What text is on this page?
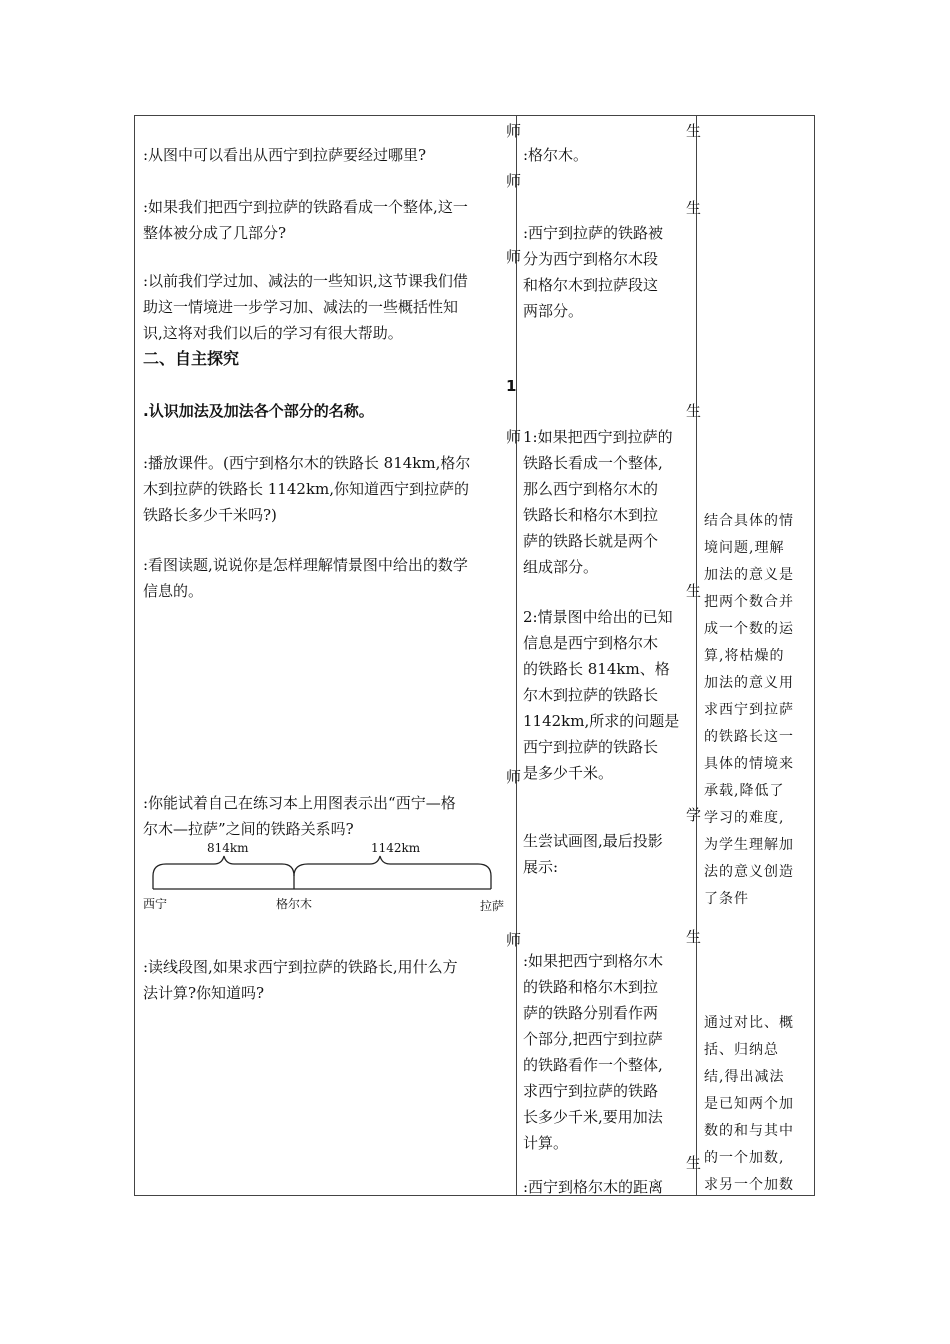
师	生
师
生
师
1
生
师
生
师
学
师	生
生
:从图中可以看出从西宁到拉萨要经过哪里?
:如果我们把西宁到拉萨的铁路看成一个整体,这一
整体被分成了几部分?
:以前我们学过加、减法的一些知识,这节课我们借
助这一情境进一步学习加、减法的一些概括性知
识,这将对我们以后的学习有很大帮助。
二、自主探究
.认识加法及加法各个部分的名称。
:播放课件。(西宁到格尔木的铁路长 814km,格尔
木到拉萨的铁路长 1142km,你知道西宁到拉萨的
铁路长多少千米吗?)
:看图读题,说说你是怎样理解情景图中给出的数学
信息的。
:你能试着自己在练习本上用图表示出“西宁—格
尔木—拉萨”之间的铁路关系吗?
814km	1142km
西宁	格尔木	拉萨
:读线段图,如果求西宁到拉萨的铁路长,用什么方
法计算?你知道吗?
:格尔木。
:西宁到拉萨的铁路被
分为西宁到格尔木段
和格尔木到拉萨段这
两部分。
1:如果把西宁到拉萨的
铁路长看成一个整体,
那么西宁到格尔木的
铁路长和格尔木到拉
萨的铁路长就是两个
组成部分。
2:情景图中给出的已知
信息是西宁到格尔木
的铁路长 814km、格
尔木到拉萨的铁路长
1142km,所求的问题是
西宁到拉萨的铁路长
是多少千米。
生尝试画图,最后投影
展示:
:如果把西宁到格尔木
的铁路和格尔木到拉
萨的铁路分别看作两
个部分,把西宁到拉萨
的铁路看作一个整体,
求西宁到拉萨的铁路
长多少千米,要用加法
计算。
:西宁到格尔木的距离
结合具体的情
境问题,理解
加法的意义是
把两个数合并
成一个数的运
算,将枯燥的
加法的意义用
求西宁到拉萨
的铁路长这一
具体的情境来
承载,降低了
学习的难度,
为学生理解加
法的意义创造
了条件
通过对比、概
括、归纳总
结,得出减法
是已知两个加
数的和与其中
的一个加数,
求另一个加数
